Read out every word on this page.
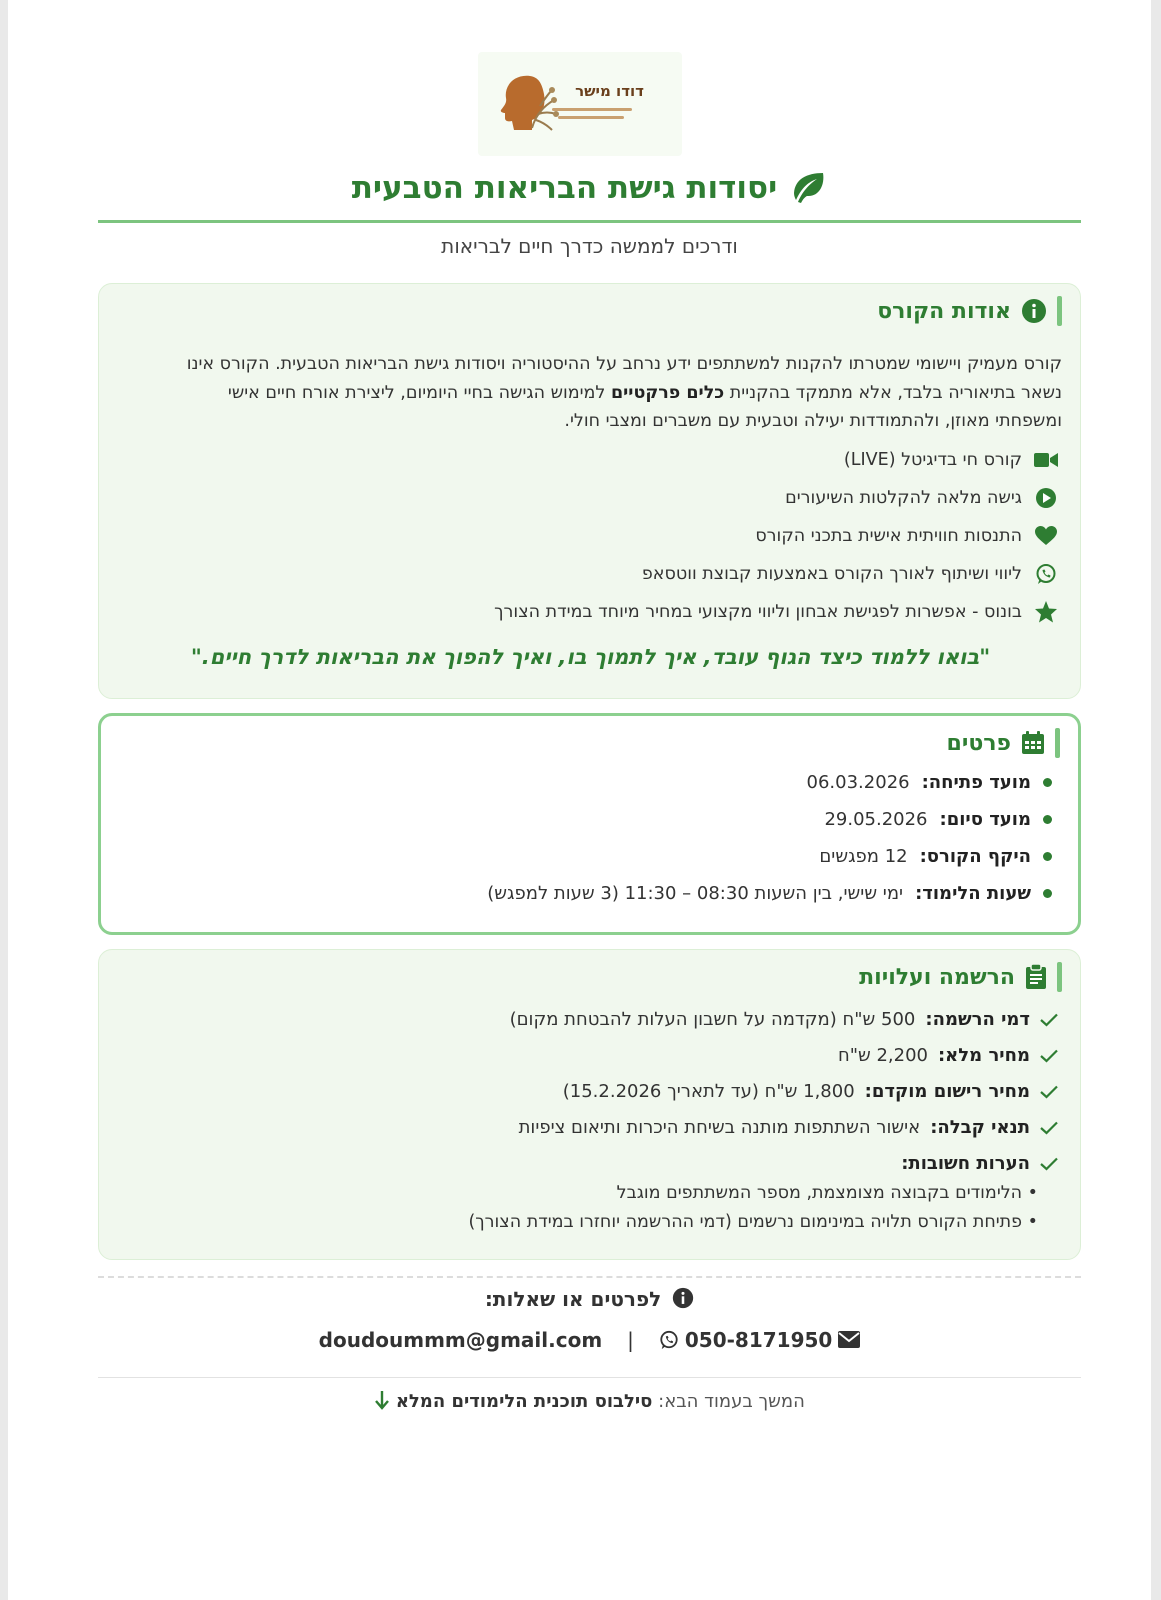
דודו מישר
יסודות גישת הבריאות הטבעית
ודרכים לממשה כדרך חיים לבריאות
אודות הקורס
קורס מעמיק ויישומי שמטרתו להקנות למשתתפים ידע נרחב על ההיסטוריה ויסודות גישת הבריאות הטבעית. הקורס אינו נשאר בתיאוריה בלבד, אלא מתמקד בהקניית כלים פרקטיים למימוש הגישה בחיי היומיום, ליצירת אורח חיים אישי ומשפחתי מאוזן, ולהתמודדות יעילה וטבעית עם משברים ומצבי חולי.
קורס חי בדיגיטל (LIVE)
גישה מלאה להקלטות השיעורים
התנסות חוויתית אישית בתכני הקורס
ליווי ושיתוף לאורך הקורס באמצעות קבוצת ווטסאפ
בונוס - אפשרות לפגישת אבחון וליווי מקצועי במחיר מיוחד במידת הצורך
"בואו ללמוד כיצד הגוף עובד, איך לתמוך בו, ואיך להפוך את הבריאות לדרך חיים."
פרטים
מועד פתיחה:
06.03.2026
מועד סיום:
29.05.2026
היקף הקורס:
12 מפגשים
שעות הלימוד:
ימי שישי, בין השעות 08:30 – 11:30 (3 שעות למפגש)
הרשמה ועלויות
דמי הרשמה:
500 ש"ח (מקדמה על חשבון העלות להבטחת מקום)
מחיר מלא:
2,200 ש"ח
מחיר רישום מוקדם:
1,800 ש"ח (עד לתאריך 15.2.2026)
תנאי קבלה:
אישור השתתפות מותנה בשיחת היכרות ותיאום ציפיות
הערות חשובות:
• הלימודים בקבוצה מצומצמת, מספר המשתתפים מוגבל
• פתיחת הקורס תלויה במינימום נרשמים (דמי ההרשמה יוחזרו במידת הצורך)
לפרטים או שאלות:
doudoummm@gmail.com |	050-8171950
המשך בעמוד הבא: סילבוס תוכנית הלימודים המלא
